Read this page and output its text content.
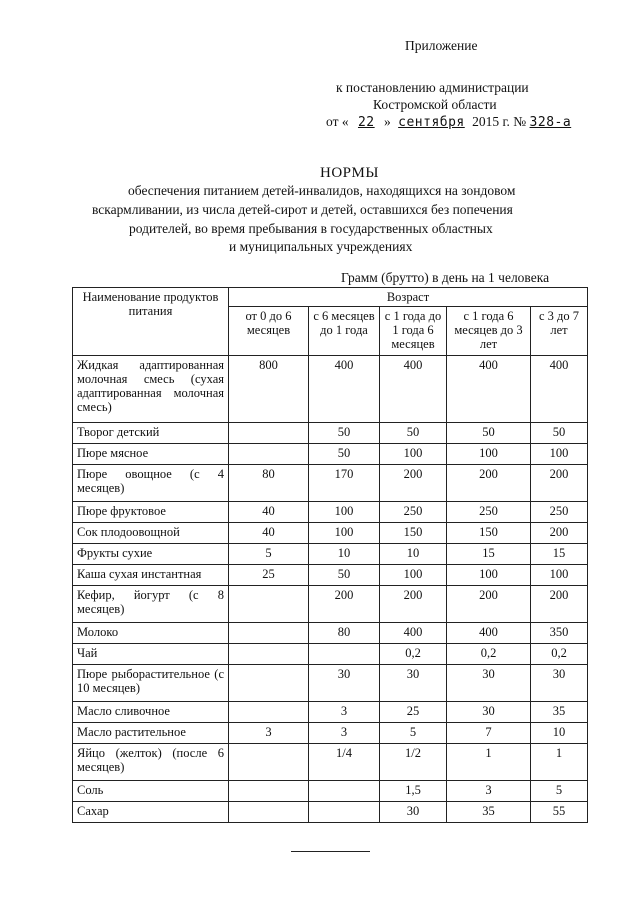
Приложение
к постановлению администрации
Костромской области
от « 22 » сентября 2015 г. № 328-а
НОРМЫ
обеспечения питанием детей-инвалидов, находящихся на зондовом
вскармливании, из числа детей-сирот и детей, оставшихся без попечения
родителей, во время пребывания в государственных областных
и муниципальных учреждениях
Грамм (брутто) в день на 1 человека
Наименование продуктов питания	Возраст				
	от 0 до 6 месяцев	с 6 месяцев до 1 года	с 1 года до 1 года 6 месяцев	с 1 года 6 месяцев до 3 лет	с 3 до 7 лет
Жидкая адаптированная молочная смесь (сухая адаптированная молочная смесь)	800	400	400	400	400
Творог детский		50	50	50	50
Пюре мясное		50	100	100	100
Пюре овощное (с 4 месяцев)	80	170	200	200	200
Пюре фруктовое	40	100	250	250	250
Сок плодоовощной	40	100	150	150	200
Фрукты сухие	5	10	10	15	15
Каша сухая инстантная	25	50	100	100	100
Кефир, йогурт (с 8 месяцев)		200	200	200	200
Молоко		80	400	400	350
Чай			0,2	0,2	0,2
Пюре рыборастительное (с 10 месяцев)		30	30	30	30
Масло сливочное		3	25	30	35
Масло растительное	3	3	5	7	10
Яйцо (желток) (после 6 месяцев)		1/4	1/2	1	1
Соль			1,5	3	5
Сахар			30	35	55
